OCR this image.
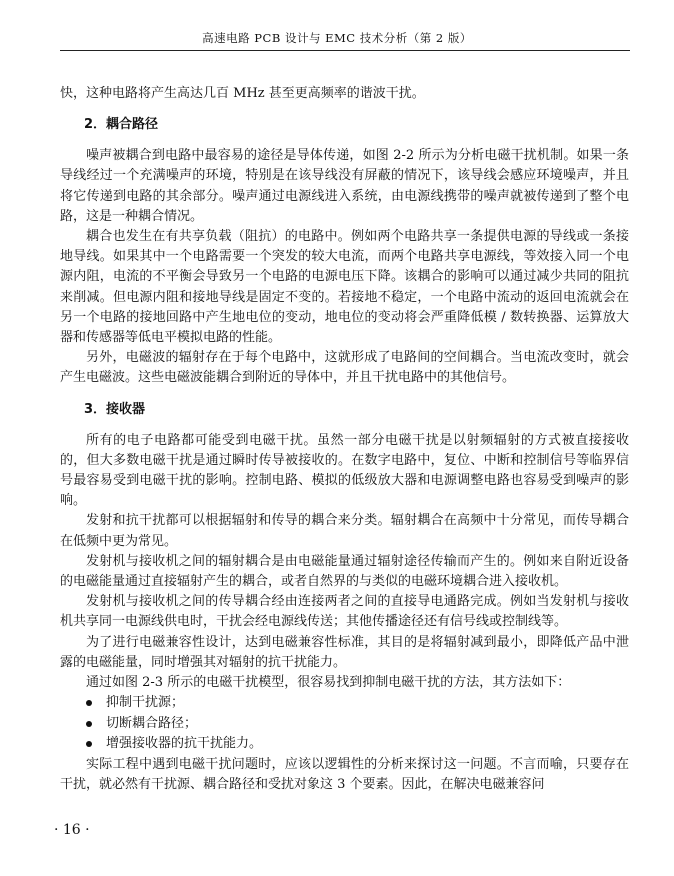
高速电路 PCB 设计与 EMC 技术分析（第 2 版）

快，这种电路将产生高达几百 MHz 甚至更高频率的谐波干扰。

2．耦合路径

噪声被耦合到电路中最容易的途径是导体传递，如图 2-2 所示为分析电磁干扰机制。如果一条导线经过一个充满噪声的环境，特别是在该导线没有屏蔽的情况下，该导线会感应环境噪声，并且将它传递到电路的其余部分。噪声通过电源线进入系统，由电源线携带的噪声就被传递到了整个电路，这是一种耦合情况。

耦合也发生在有共享负载（阻抗）的电路中。例如两个电路共享一条提供电源的导线或一条接地导线。如果其中一个电路需要一个突发的较大电流，而两个电路共享电源线，等效接入同一个电源内阻，电流的不平衡会导致另一个电路的电源电压下降。该耦合的影响可以通过减少共同的阻抗来削减。但电源内阻和接地导线是固定不变的。若接地不稳定，一个电路中流动的返回电流就会在另一个电路的接地回路中产生地电位的变动，地电位的变动将会严重降低模 / 数转换器、运算放大器和传感器等低电平模拟电路的性能。

另外，电磁波的辐射存在于每个电路中，这就形成了电路间的空间耦合。当电流改变时，就会产生电磁波。这些电磁波能耦合到附近的导体中，并且干扰电路中的其他信号。

3．接收器

所有的电子电路都可能受到电磁干扰。虽然一部分电磁干扰是以射频辐射的方式被直接接收的，但大多数电磁干扰是通过瞬时传导被接收的。在数字电路中，复位、中断和控制信号等临界信号最容易受到电磁干扰的影响。控制电路、模拟的低级放大器和电源调整电路也容易受到噪声的影响。

发射和抗干扰都可以根据辐射和传导的耦合来分类。辐射耦合在高频中十分常见，而传导耦合在低频中更为常见。

发射机与接收机之间的辐射耦合是由电磁能量通过辐射途径传输而产生的。例如来自附近设备的电磁能量通过直接辐射产生的耦合，或者自然界的与类似的电磁环境耦合进入接收机。

发射机与接收机之间的传导耦合经由连接两者之间的直接导电通路完成。例如当发射机与接收机共享同一电源线供电时，干扰会经电源线传送；其他传播途径还有信号线或控制线等。

为了进行电磁兼容性设计，达到电磁兼容性标准，其目的是将辐射减到最小，即降低产品中泄露的电磁能量，同时增强其对辐射的抗干扰能力。

通过如图 2-3 所示的电磁干扰模型，很容易找到抑制电磁干扰的方法，其方法如下：

抑制干扰源；
切断耦合路径；
增强接收器的抗干扰能力。

实际工程中遇到电磁干扰问题时，应该以逻辑性的分析来探讨这一问题。不言而喻，只要存在干扰，就必然有干扰源、耦合路径和受扰对象这 3 个要素。因此，在解决电磁兼容问

· 16 ·
